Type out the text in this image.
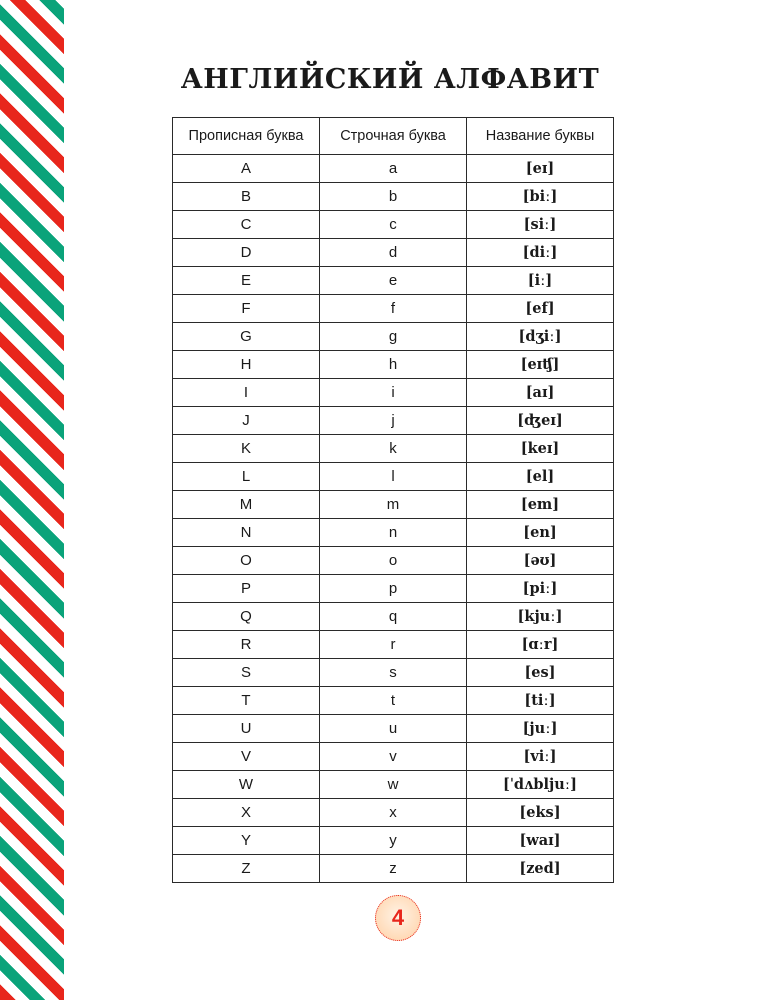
АНГЛИЙСКИЙ АЛФАВИТ
Прописная буква	Строчная буква	Название буквы
A	a	[eɪ]
B	b	[biː]
C	c	[siː]
D	d	[diː]
E	e	[iː]
F	f	[ef]
G	g	[dʒiː]
H	h	[eɪʧ]
I	i	[aɪ]
J	j	[ʤeɪ]
K	k	[keɪ]
L	l	[el]
M	m	[em]
N	n	[en]
O	o	[əʊ]
P	p	[piː]
Q	q	[kjuː]
R	r	[ɑːr]
S	s	[es]
T	t	[tiː]
U	u	[juː]
V	v	[viː]
W	w	[ˈdʌbljuː]
X	x	[eks]
Y	y	[waɪ]
Z	z	[zed]
4
